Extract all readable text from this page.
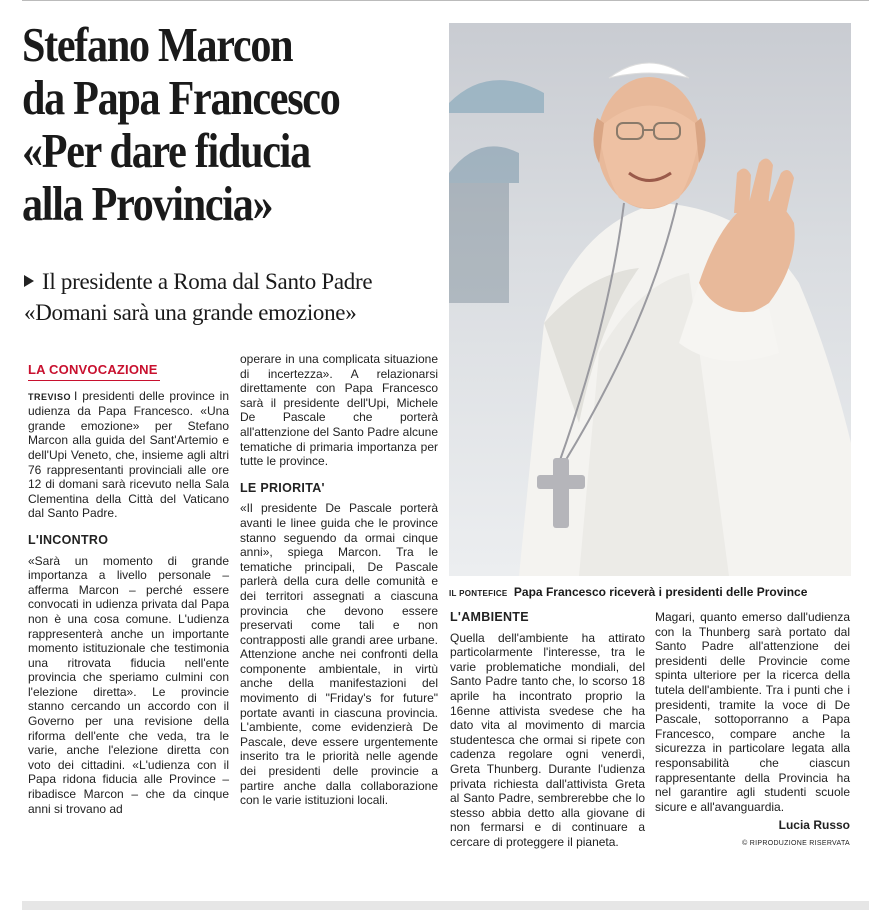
Stefano Marcon
da Papa Francesco
«Per dare fiducia
alla Provincia»
Il presidente a Roma dal Santo Padre
«Domani sarà una grande emozione»
IL PONTEFICE Papa Francesco riceverà i presidenti delle Province
LA CONVOCAZIONE

TREVISO I presidenti delle province in udienza da Papa Francesco. «Una grande emozione» per Stefano Marcon alla guida del Sant'Artemio e dell'Upi Veneto, che, insieme agli altri 76 rappresentanti provinciali alle ore 12 di domani sarà ricevuto nella Sala Clementina della Città del Vaticano dal Santo Padre.

L'INCONTRO

«Sarà un momento di grande importanza a livello personale – afferma Marcon – perché essere convocati in udienza privata dal Papa non è una cosa comune. L'udienza rappresenterà anche un importante momento istituzionale che testimonia una ritrovata fiducia nell'ente provincia che speriamo culmini con l'elezione diretta». Le provincie stanno cercando un accordo con il Governo per una revisione della riforma dell'ente che veda, tra le varie, anche l'elezione diretta con voto dei cittadini. «L'udienza con il Papa ridona fiducia alle Province – ribadisce Marcon – che da cinque anni si trovano ad

operare in una complicata situazione di incertezza». A relazionarsi direttamente con Papa Francesco sarà il presidente dell'Upi, Michele De Pascale che porterà all'attenzione del Santo Padre alcune tematiche di primaria importanza per tutte le province.

LE PRIORITA'

«Il presidente De Pascale porterà avanti le linee guida che le province stanno seguendo da ormai cinque anni», spiega Marcon. Tra le tematiche principali, De Pascale parlerà della cura delle comunità e dei territori assegnati a ciascuna provincia che devono essere preservati come tali e non contrapposti alle grandi aree urbane. Attenzione anche nei confronti della componente ambientale, in virtù anche della manifestazioni del movimento di "Friday's for future" portate avanti in ciascuna provincia. L'ambiente, come evidenzierà De Pascale, deve essere urgentemente inserito tra le priorità nelle agende dei presidenti delle provincie a partire anche dalla collaborazione con le varie istituzioni locali.

L'AMBIENTE

Quella dell'ambiente ha attirato particolarmente l'interesse, tra le varie problematiche mondiali, del Santo Padre tanto che, lo scorso 18 aprile ha incontrato proprio la 16enne attivista svedese che ha dato vita al movimento di marcia studentesca che ormai si ripete con cadenza regolare ogni venerdì, Greta Thunberg. Durante l'udienza privata richiesta dall'attivista Greta al Santo Padre, sembrerebbe che lo stesso abbia detto alla giovane di non fermarsi e di continuare a cercare di proteggere il pianeta.

Magari, quanto emerso dall'udienza con la Thunberg sarà portato dal Santo Padre all'attenzione dei presidenti delle Provincie come spinta ulteriore per la ricerca della tutela dell'ambiente. Tra i punti che i presidenti, tramite la voce di De Pascale, sottoporranno a Papa Francesco, compare anche la sicurezza in particolare legata alla responsabilità che ciascun rappresentante della Provincia ha nel garantire agli studenti scuole sicure e all'avanguardia.

Lucia Russo
© RIPRODUZIONE RISERVATA
